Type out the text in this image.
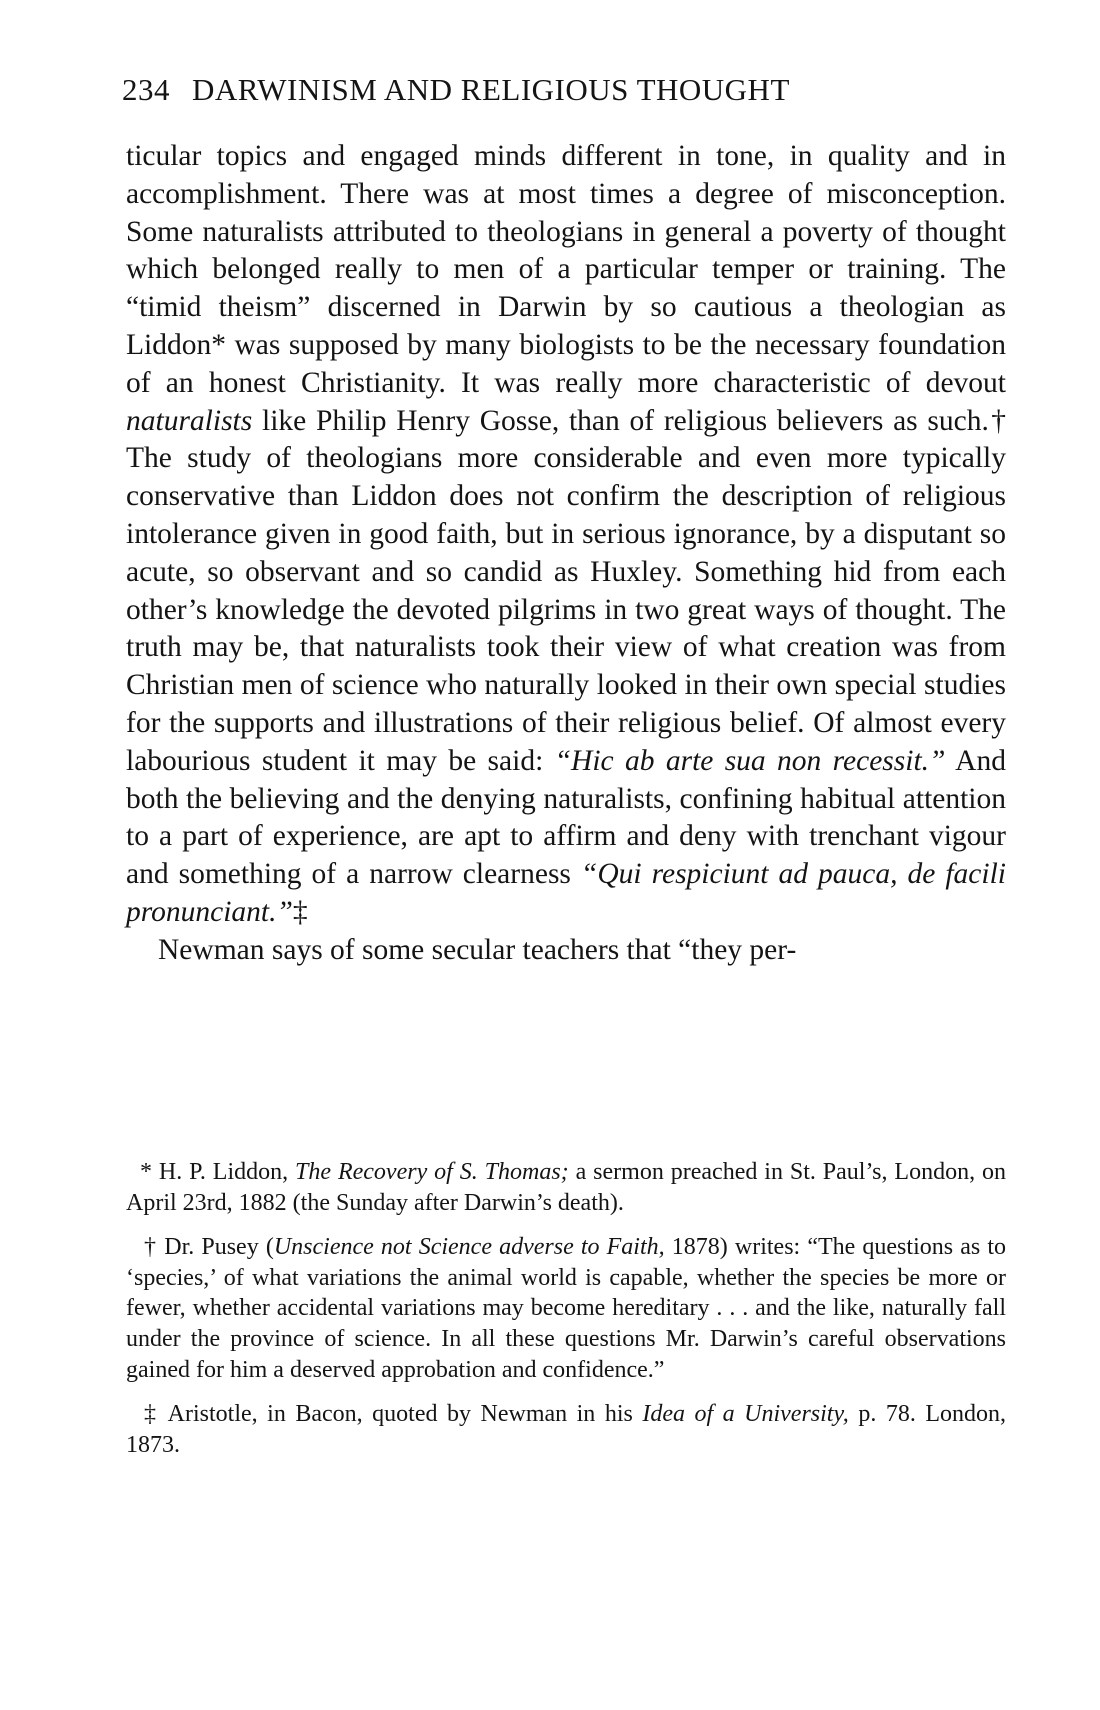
234 DARWINISM AND RELIGIOUS THOUGHT

ticular topics and engaged minds different in tone, in quality and in accomplishment. There was at most times a degree of misconception. Some naturalists attributed to theologians in general a poverty of thought which belonged really to men of a particular temper or training. The “timid theism” discerned in Darwin by so cautious a theologian as Liddon* was supposed by many biologists to be the necessary foundation of an honest Christianity. It was really more characteristic of devout naturalists like Philip Henry Gosse, than of religious believers as such.† The study of theologians more considerable and even more typically conservative than Liddon does not confirm the description of religious intolerance given in good faith, but in serious ignorance, by a disputant so acute, so observant and so candid as Huxley. Something hid from each other’s knowledge the devoted pilgrims in two great ways of thought. The truth may be, that naturalists took their view of what creation was from Christian men of science who naturally looked in their own special studies for the supports and illustrations of their religious belief. Of almost every labourious student it may be said: “Hic ab arte sua non recessit.” And both the believing and the denying naturalists, confining habitual attention to a part of experience, are apt to affirm and deny with trenchant vigour and something of a narrow clearness “Qui respiciunt ad pauca, de facili pronunciant.”‡

Newman says of some secular teachers that “they per-

* H. P. Liddon, The Recovery of S. Thomas; a sermon preached in St. Paul’s, London, on April 23rd, 1882 (the Sunday after Darwin’s death).

† Dr. Pusey (Unscience not Science adverse to Faith, 1878) writes: “The questions as to ‘species,’ of what variations the animal world is capable, whether the species be more or fewer, whether accidental variations may become hereditary . . . and the like, naturally fall under the province of science. In all these questions Mr. Darwin’s careful observations gained for him a deserved approbation and confidence.”

‡ Aristotle, in Bacon, quoted by Newman in his Idea of a University, p. 78. London, 1873.
